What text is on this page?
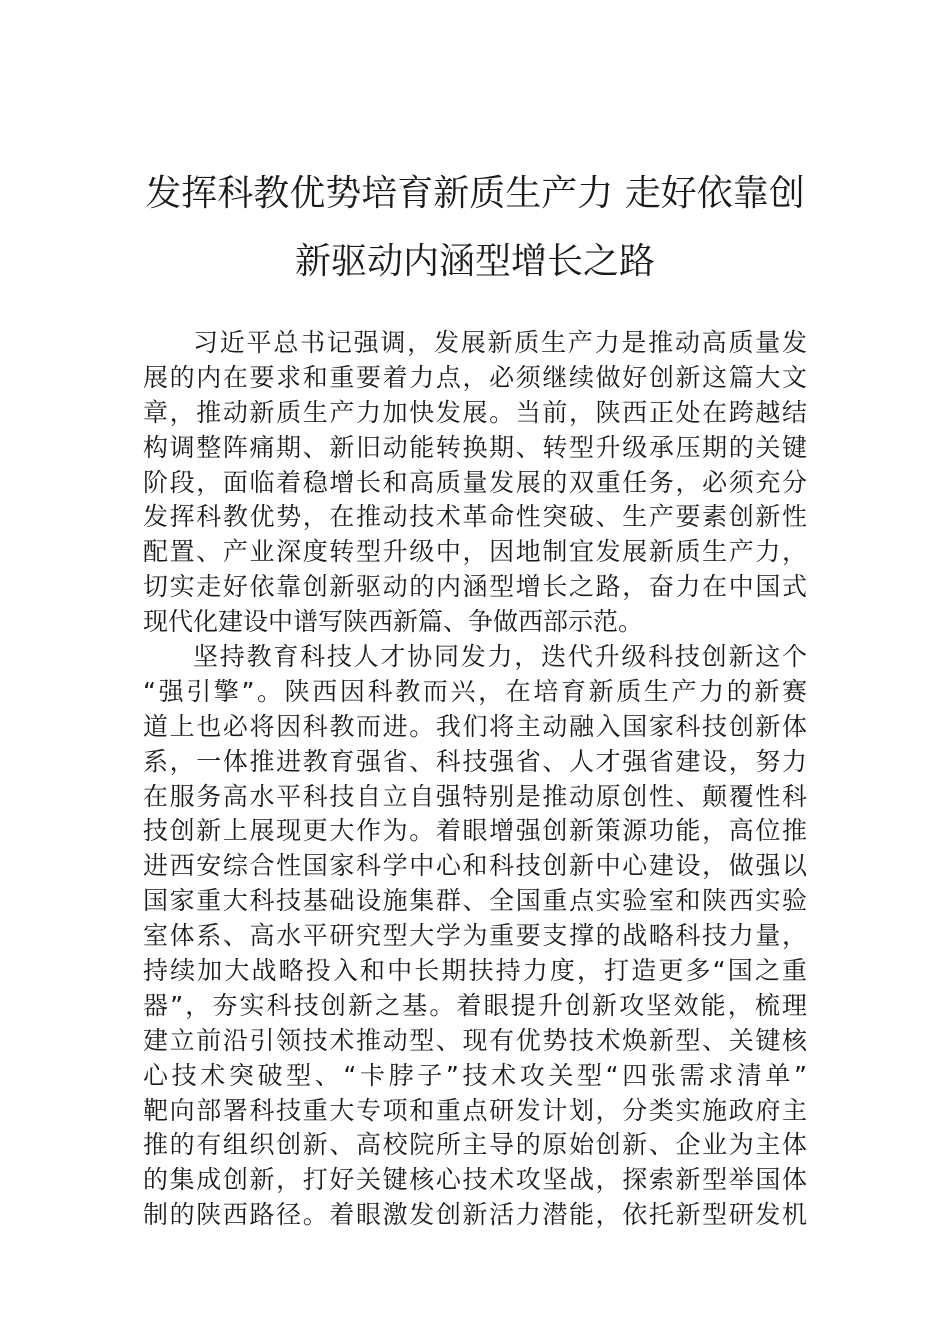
发挥科教优势培育新质生产力 走好依靠创
新驱动内涵型增长之路
习近平总书记强调，发展新质生产力是推动高质量发
展的内在要求和重要着力点，必须继续做好创新这篇大文
章，推动新质生产力加快发展。当前，陕西正处在跨越结
构调整阵痛期、新旧动能转换期、转型升级承压期的关键
阶段，面临着稳增长和高质量发展的双重任务，必须充分
发挥科教优势，在推动技术革命性突破、生产要素创新性
配置、产业深度转型升级中，因地制宜发展新质生产力，
切实走好依靠创新驱动的内涵型增长之路，奋力在中国式
现代化建设中谱写陕西新篇、争做西部示范。
坚持教育科技人才协同发力，迭代升级科技创新这个
“强引擎”。陕西因科教而兴，在培育新质生产力的新赛
道上也必将因科教而进。我们将主动融入国家科技创新体
系，一体推进教育强省、科技强省、人才强省建设，努力
在服务高水平科技自立自强特别是推动原创性、颠覆性科
技创新上展现更大作为。着眼增强创新策源功能，高位推
进西安综合性国家科学中心和科技创新中心建设，做强以
国家重大科技基础设施集群、全国重点实验室和陕西实验
室体系、高水平研究型大学为重要支撑的战略科技力量，
持续加大战略投入和中长期扶持力度，打造更多“国之重
器”，夯实科技创新之基。着眼提升创新攻坚效能，梳理
建立前沿引领技术推动型、现有优势技术焕新型、关键核
心技术突破型、“卡脖子”技术攻关型“四张需求清单”
靶向部署科技重大专项和重点研发计划，分类实施政府主
推的有组织创新、高校院所主导的原始创新、企业为主体
的集成创新，打好关键核心技术攻坚战，探索新型举国体
制的陕西路径。着眼激发创新活力潜能，依托新型研发机
